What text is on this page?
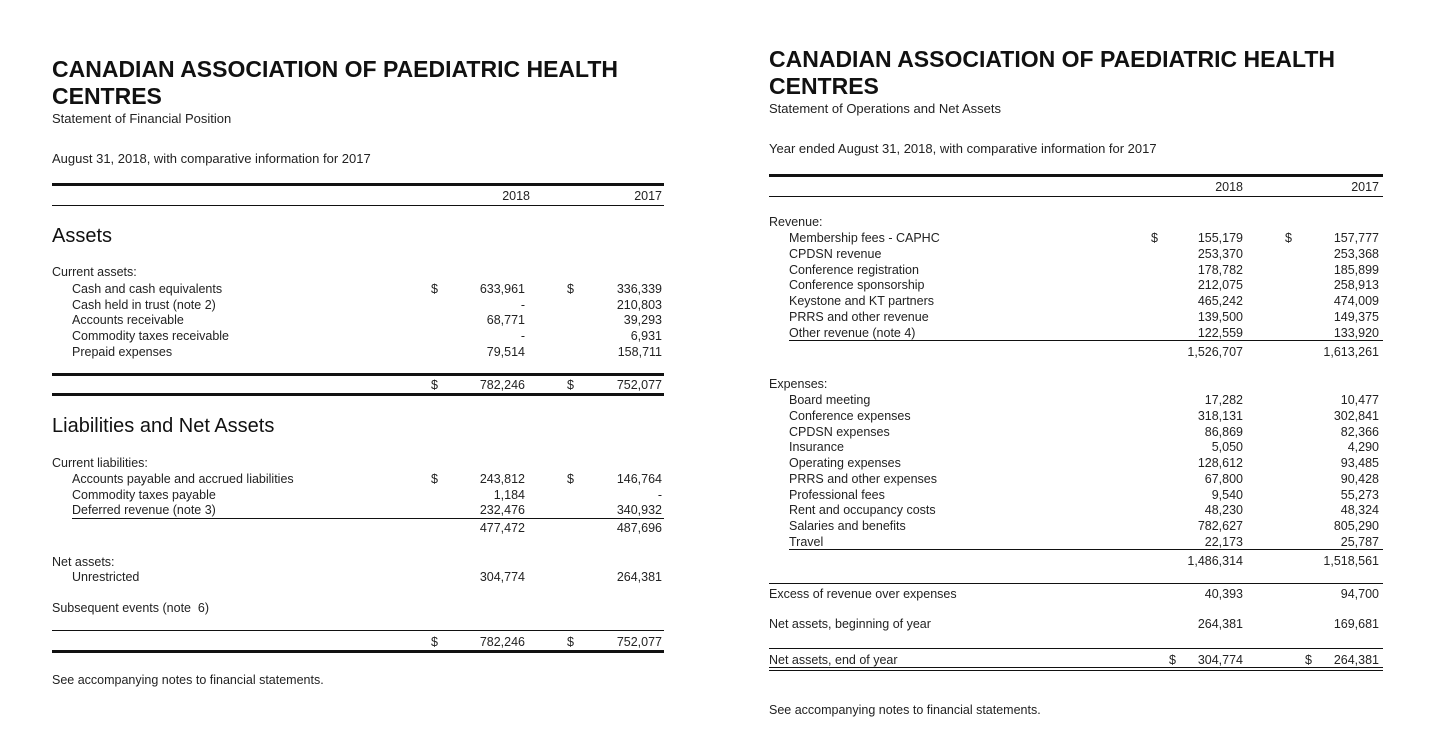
CANADIAN ASSOCIATION OF PAEDIATRIC HEALTH CENTRES
Statement of Financial Position
August 31, 2018, with comparative information for 2017
2018	2017
Assets
Current assets:
Cash and cash equivalents	$	633,961	$	336,339
Cash held in trust (note 2)	-	210,803
Accounts receivable	68,771	39,293
Commodity taxes receivable	-	6,931
Prepaid expenses	79,514	158,711
$	782,246	$	752,077
Liabilities and Net Assets
Current liabilities:
Accounts payable and accrued liabilities	$	243,812	$	146,764
Commodity taxes payable	1,184	-
Deferred revenue (note 3)	232,476	340,932
477,472	487,696
Net assets:
Unrestricted	304,774	264,381
Subsequent events (note  6)
$	782,246	$	752,077
See accompanying notes to financial statements.
CANADIAN ASSOCIATION OF PAEDIATRIC HEALTH CENTRES
Statement of Operations and Net Assets
Year ended August 31, 2018, with comparative information for 2017
2018	2017
Revenue:
Membership fees - CAPHC	$	155,179	$	157,777
CPDSN revenue	253,370	253,368
Conference registration	178,782	185,899
Conference sponsorship	212,075	258,913
Keystone and KT partners	465,242	474,009
PRRS and other revenue	139,500	149,375
Other revenue (note 4)	122,559	133,920
1,526,707	1,613,261
Expenses:
Board meeting	17,282	10,477
Conference expenses	318,131	302,841
CPDSN expenses	86,869	82,366
Insurance	5,050	4,290
Operating expenses	128,612	93,485
PRRS and other expenses	67,800	90,428
Professional fees	9,540	55,273
Rent and occupancy costs	48,230	48,324
Salaries and benefits	782,627	805,290
Travel	22,173	25,787
1,486,314	1,518,561
Excess of revenue over expenses	40,393	94,700
Net assets, beginning of year	264,381	169,681
Net assets, end of year	$	304,774	$	264,381
See accompanying notes to financial statements.
